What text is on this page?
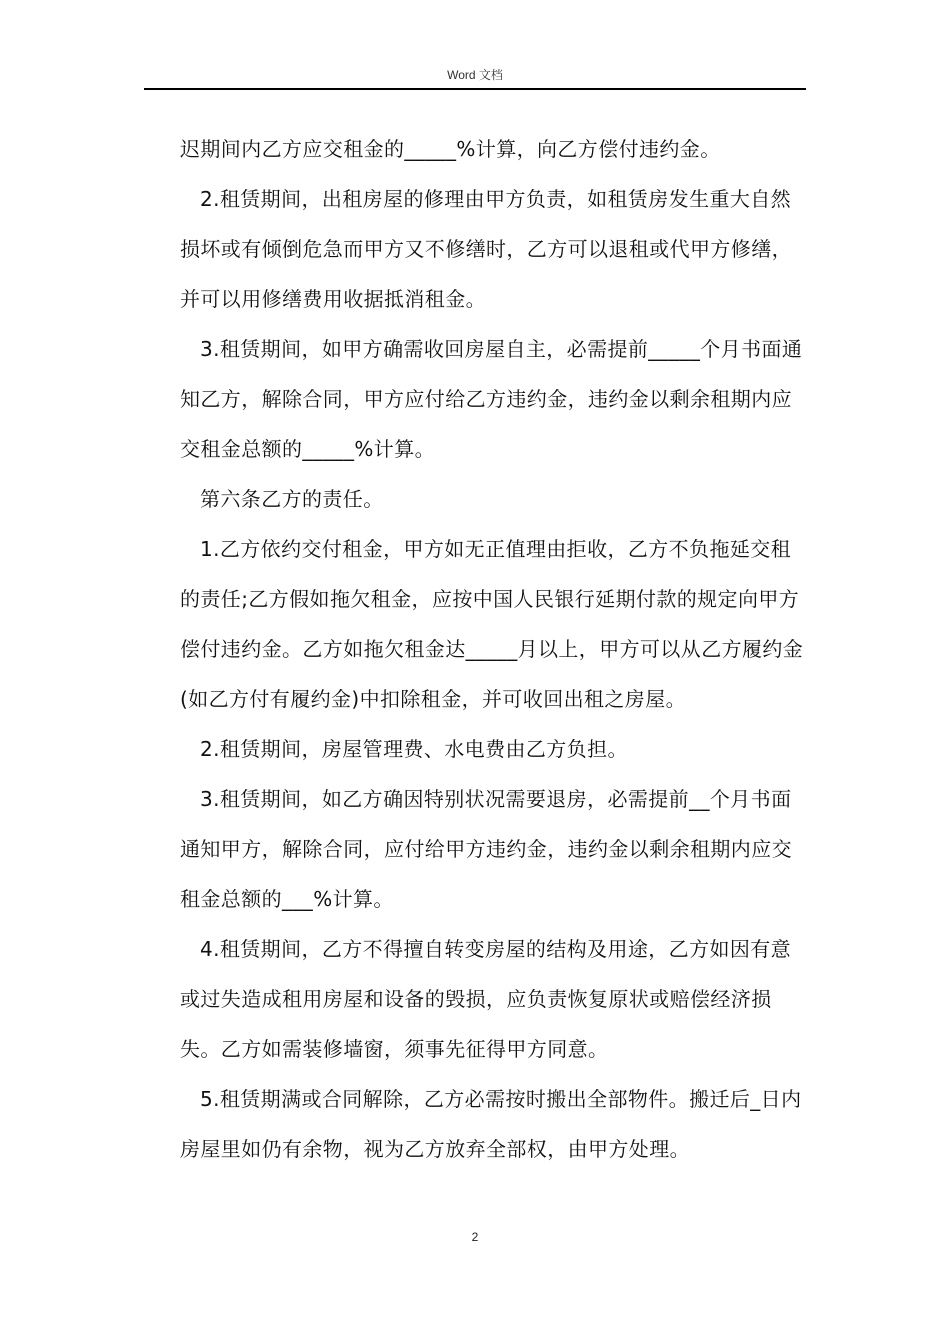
Word 文档

迟期间内乙方应交租金的_____%计算，向乙方偿付违约金。

2.租赁期间，出租房屋的修理由甲方负责，如租赁房发生重大自然损坏或有倾倒危急而甲方又不修缮时，乙方可以退租或代甲方修缮，并可以用修缮费用收据抵消租金。

3.租赁期间，如甲方确需收回房屋自主，必需提前_____个月书面通知乙方，解除合同，甲方应付给乙方违约金，违约金以剩余租期内应交租金总额的_____%计算。

第六条乙方的责任。

1.乙方依约交付租金，甲方如无正值理由拒收，乙方不负拖延交租的责任;乙方假如拖欠租金，应按中国人民银行延期付款的规定向甲方偿付违约金。乙方如拖欠租金达_____月以上，甲方可以从乙方履约金(如乙方付有履约金)中扣除租金，并可收回出租之房屋。

2.租赁期间，房屋管理费、水电费由乙方负担。

3.租赁期间，如乙方确因特别状况需要退房，必需提前__个月书面通知甲方，解除合同，应付给甲方违约金，违约金以剩余租期内应交租金总额的___%计算。

4.租赁期间，乙方不得擅自转变房屋的结构及用途，乙方如因有意或过失造成租用房屋和设备的毁损，应负责恢复原状或赔偿经济损失。乙方如需装修墙窗，须事先征得甲方同意。

5.租赁期满或合同解除，乙方必需按时搬出全部物件。搬迁后_日内房屋里如仍有余物，视为乙方放弃全部权，由甲方处理。

2
